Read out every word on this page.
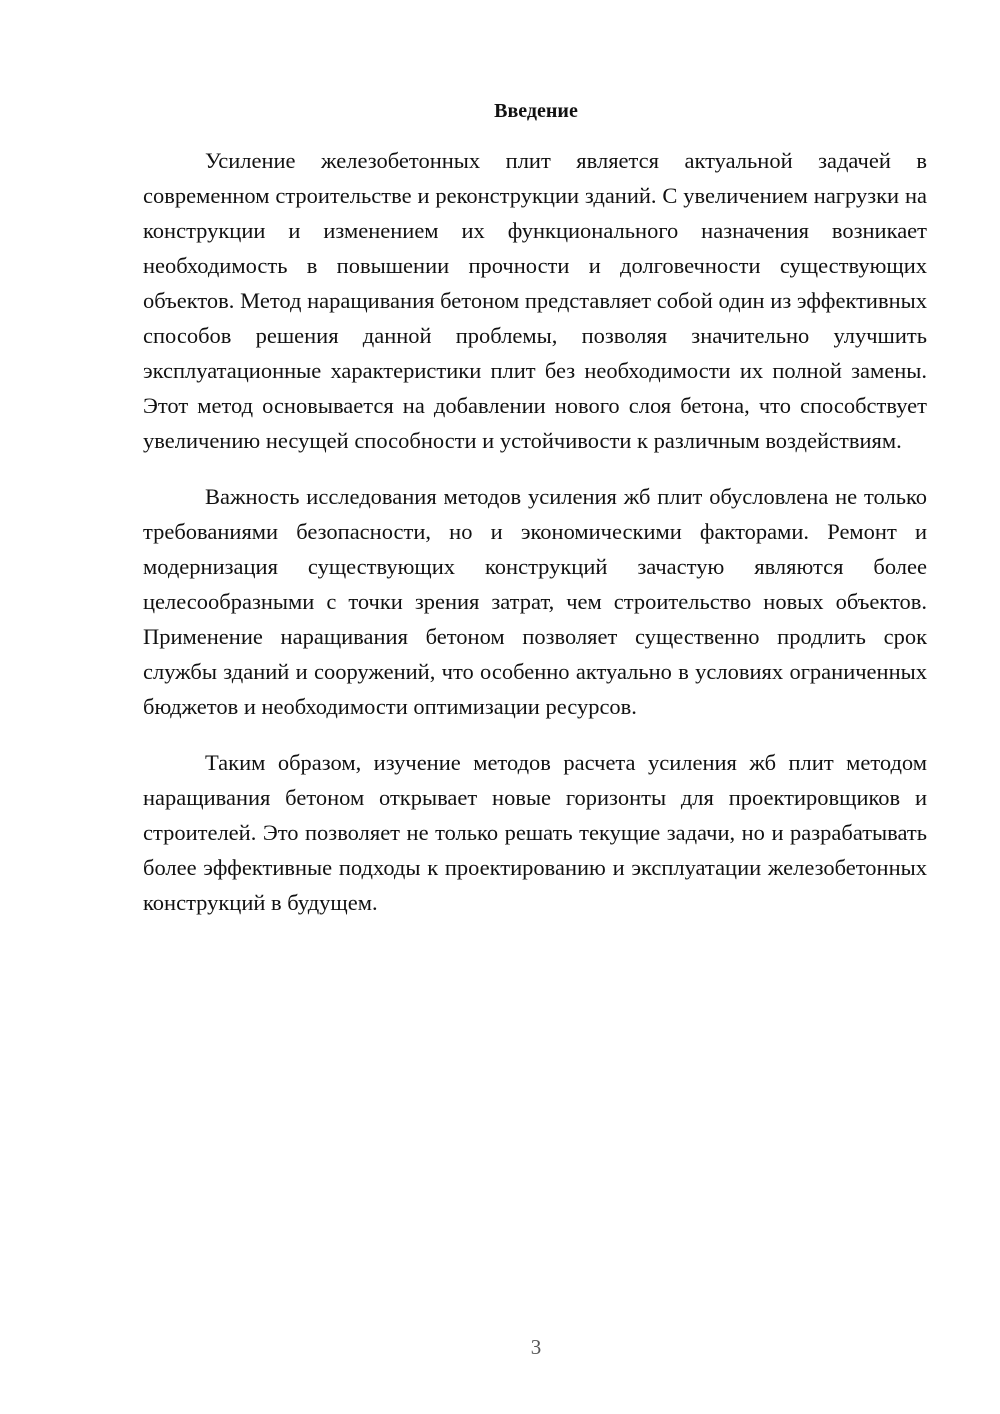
Введение

Усиление железобетонных плит является актуальной задачей в современном строительстве и реконструкции зданий. С увеличением нагрузки на конструкции и изменением их функционального назначения возникает необходимость в повышении прочности и долговечности существующих объектов. Метод наращивания бетоном представляет собой один из эффективных способов решения данной проблемы, позволяя значительно улучшить эксплуатационные характеристики плит без необходимости их полной замены. Этот метод основывается на добавлении нового слоя бетона, что способствует увеличению несущей способности и устойчивости к различным воздействиям.

Важность исследования методов усиления жб плит обусловлена не только требованиями безопасности, но и экономическими факторами. Ремонт и модернизация существующих конструкций зачастую являются более целесообразными с точки зрения затрат, чем строительство новых объектов. Применение наращивания бетоном позволяет существенно продлить срок службы зданий и сооружений, что особенно актуально в условиях ограниченных бюджетов и необходимости оптимизации ресурсов.

Таким образом, изучение методов расчета усиления жб плит методом наращивания бетоном открывает новые горизонты для проектировщиков и строителей. Это позволяет не только решать текущие задачи, но и разрабатывать более эффективные подходы к проектированию и эксплуатации железобетонных конструкций в будущем.

3
